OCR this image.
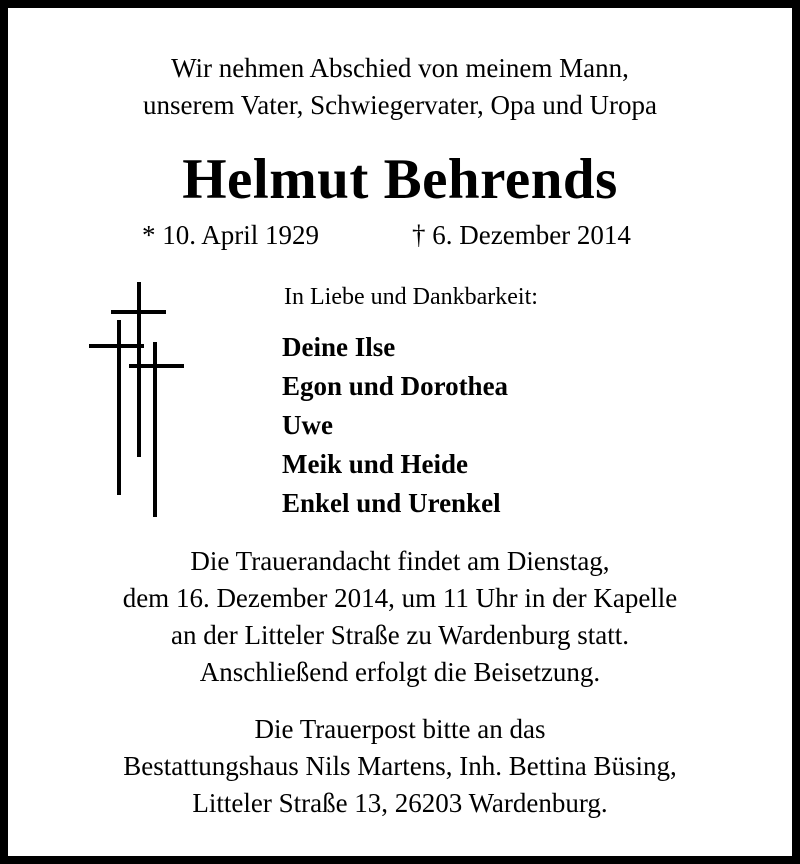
Wir nehmen Abschied von meinem Mann,
unserem Vater, Schwiegervater, Opa und Uropa
Helmut Behrends
* 10. April 1929	† 6. Dezember 2014
In Liebe und Dankbarkeit:
Deine Ilse
Egon und Dorothea
Uwe
Meik und Heide
Enkel und Urenkel
Die Trauerandacht findet am Dienstag,
dem 16. Dezember 2014, um 11 Uhr in der Kapelle
an der Litteler Straße zu Wardenburg statt.
Anschließend erfolgt die Beisetzung.
Die Trauerpost bitte an das
Bestattungshaus Nils Martens, Inh. Bettina Büsing,
Litteler Straße 13, 26203 Wardenburg.
